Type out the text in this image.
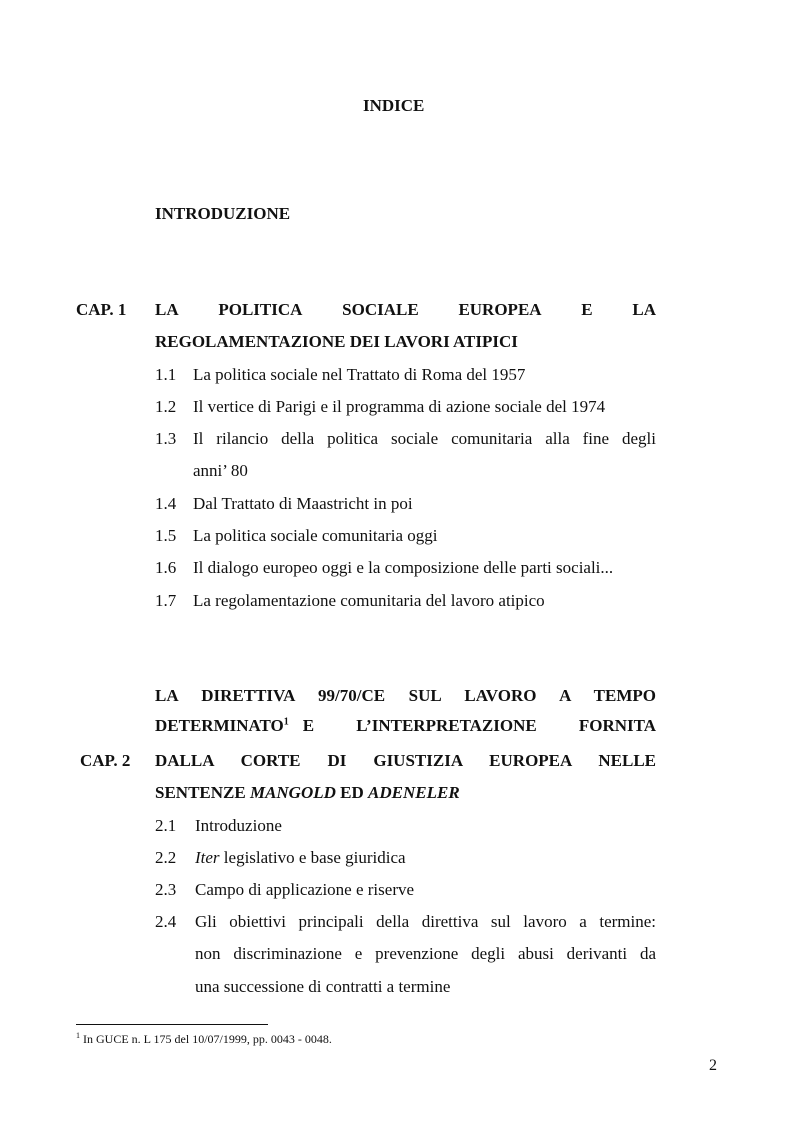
INDICE
INTRODUZIONE
CAP. 1 LA POLITICA SOCIALE EUROPEA E LA
REGOLAMENTAZIONE DEI LAVORI ATIPICI
1.1 La politica sociale nel Trattato di Roma del 1957
1.2 Il vertice di Parigi e il programma di azione sociale del 1974
1.3 Il rilancio della politica sociale comunitaria alla fine degli
anni’ 80
1.4 Dal Trattato di Maastricht in poi
1.5 La politica sociale comunitaria oggi
1.6 Il dialogo europeo oggi e la composizione delle parti sociali...
1.7 La regolamentazione comunitaria del lavoro atipico
LA DIRETTIVA 99/70/CE SUL LAVORO A TEMPO
DETERMINATO$^1$ E L’INTERPRETAZIONE FORNITA
CAP. 2 DALLA CORTE DI GIUSTIZIA EUROPEA NELLE
SENTENZE MANGOLD ED ADENELER
2.1 Introduzione
2.2 Iter legislativo e base giuridica
2.3 Campo di applicazione e riserve
2.4 Gli obiettivi principali della direttiva sul lavoro a termine:
non discriminazione e prevenzione degli abusi derivanti da
una successione di contratti a termine
$^1$ In GUCE n. L 175 del 10/07/1999, pp. 0043 - 0048.
2
